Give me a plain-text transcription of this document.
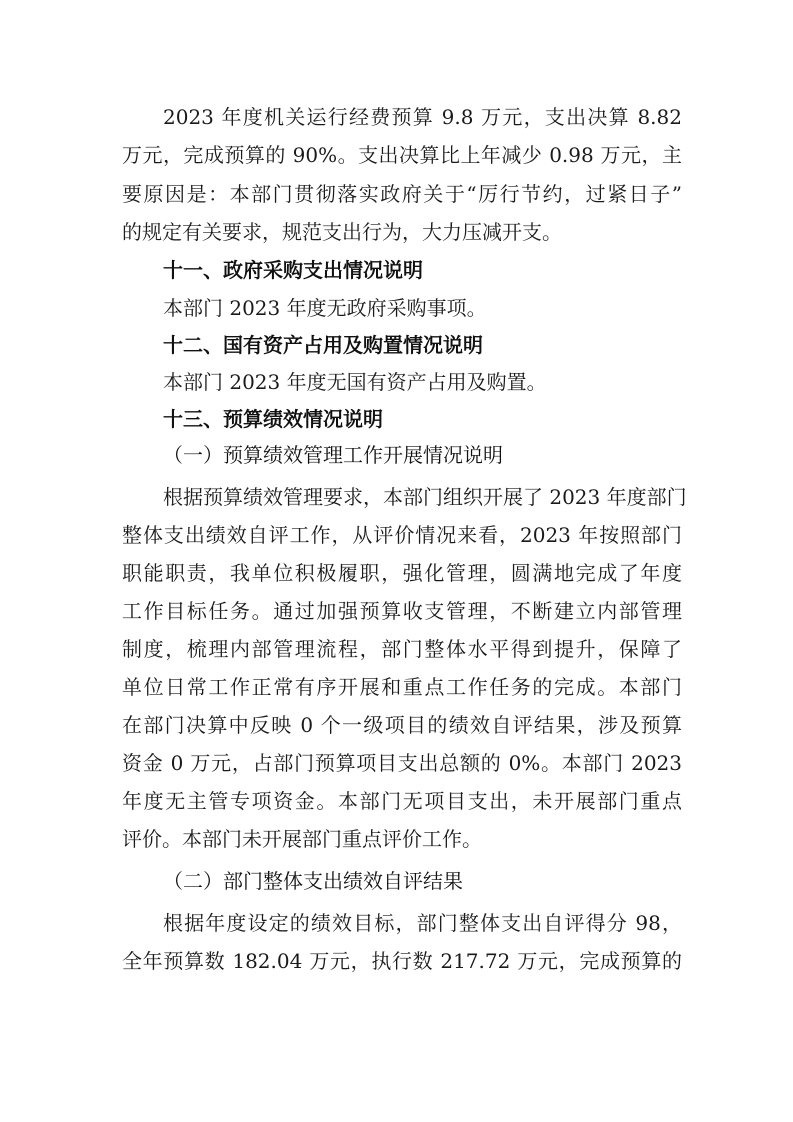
2023 年度机关运行经费预算 9.8 万元，支出决算 8.82
万元，完成预算的 90%。支出决算比上年减少 0.98 万元，主
要原因是：本部门贯彻落实政府关于“厉行节约，过紧日子”
的规定有关要求，规范支出行为，大力压减开支。
十一、政府采购支出情况说明
本部门 2023 年度无政府采购事项。
十二、国有资产占用及购置情况说明
本部门 2023 年度无国有资产占用及购置。
十三、预算绩效情况说明
（一）预算绩效管理工作开展情况说明
根据预算绩效管理要求，本部门组织开展了 2023 年度部门
整体支出绩效自评工作，从评价情况来看，2023 年按照部门
职能职责，我单位积极履职，强化管理，圆满地完成了年度
工作目标任务。通过加强预算收支管理，不断建立内部管理
制度，梳理内部管理流程，部门整体水平得到提升，保障了
单位日常工作正常有序开展和重点工作任务的完成。本部门
在部门决算中反映 0 个一级项目的绩效自评结果，涉及预算
资金 0 万元，占部门预算项目支出总额的 0%。本部门 2023
年度无主管专项资金。本部门无项目支出，未开展部门重点
评价。本部门未开展部门重点评价工作。
（二）部门整体支出绩效自评结果
根据年度设定的绩效目标，部门整体支出自评得分 98，
全年预算数 182.04 万元，执行数 217.72 万元，完成预算的
